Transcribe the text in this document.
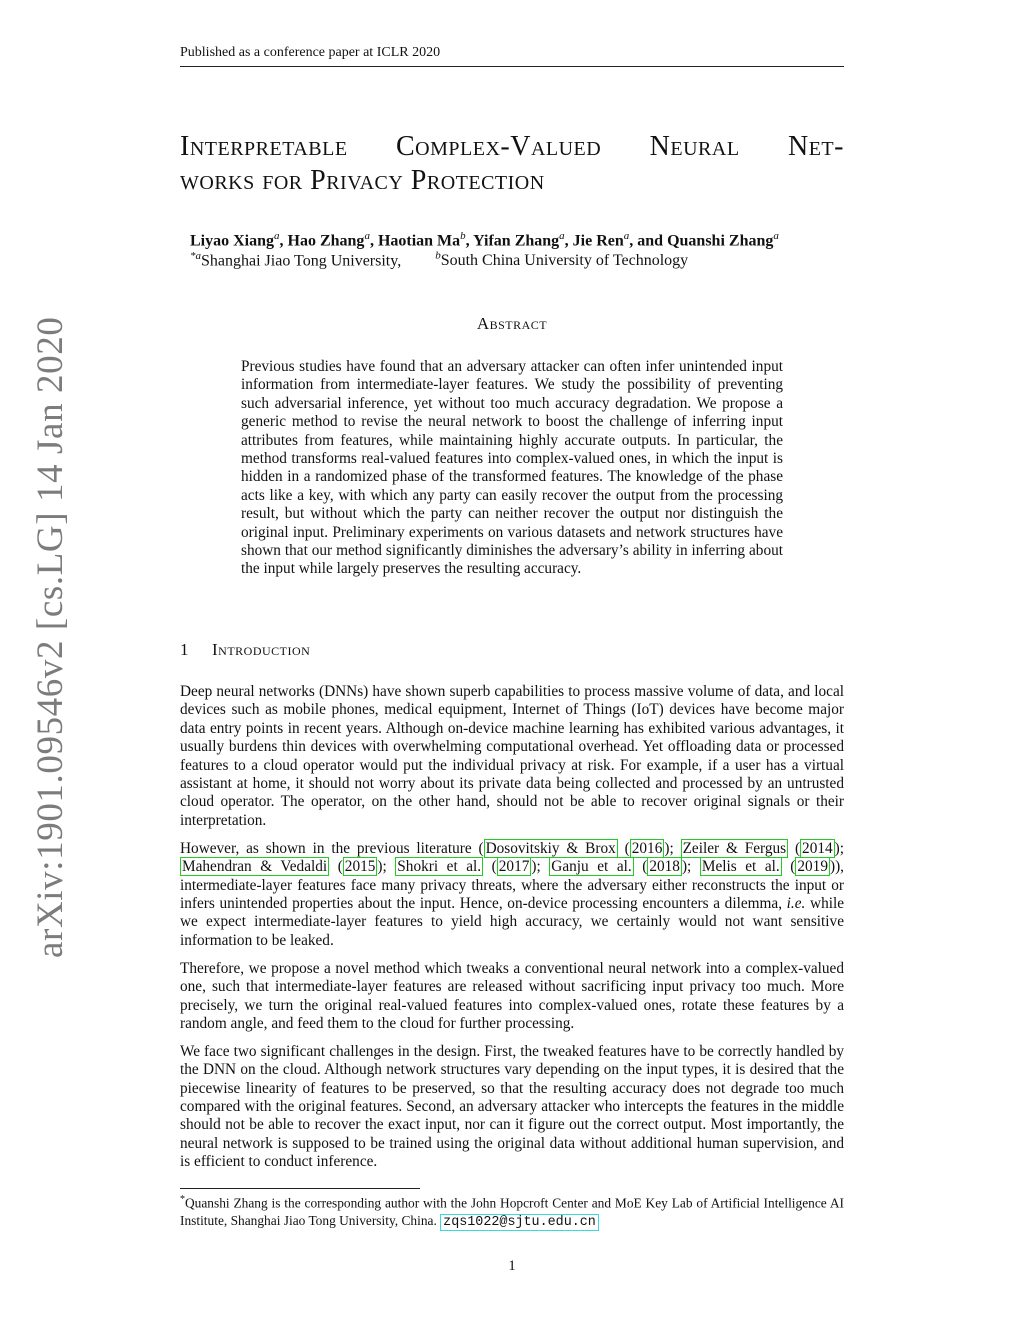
Published as a conference paper at ICLR 2020
arXiv:1901.09546v2 [cs.LG] 14 Jan 2020
Interpretable Complex-Valued Neural Net-
works for Privacy Protection
Liyao Xiang$^a$, Hao Zhang$^a$, Haotian Ma$^b$, Yifan Zhang$^a$, Jie Ren$^a$, and Quanshi Zhang$^a$
$^{*a}$Shanghai Jiao Tong University,	$^b$South China University of Technology
Abstract
Previous studies have found that an adversary attacker can often infer unintended input information from intermediate-layer features. We study the possibility of preventing such adversarial inference, yet without too much accuracy degradation. We propose a generic method to revise the neural network to boost the challenge of inferring input attributes from features, while maintaining highly accurate outputs. In particular, the method transforms real-valued features into complex-valued ones, in which the input is hidden in a randomized phase of the transformed features. The knowledge of the phase acts like a key, with which any party can easily recover the output from the processing result, but without which the party can neither recover the output nor distinguish the original input. Preliminary experiments on various datasets and network structures have shown that our method significantly diminishes the adversary’s ability in inferring about the input while largely preserves the resulting accuracy.
1 Introduction

Deep neural networks (DNNs) have shown superb capabilities to process massive volume of data, and local devices such as mobile phones, medical equipment, Internet of Things (IoT) devices have become major data entry points in recent years. Although on-device machine learning has exhibited various advantages, it usually burdens thin devices with overwhelming computational overhead. Yet offloading data or processed features to a cloud operator would put the individual privacy at risk. For example, if a user has a virtual assistant at home, it should not worry about its private data being collected and processed by an untrusted cloud operator. The operator, on the other hand, should not be able to recover original signals or their interpretation.

However, as shown in the previous literature ( Dosovitskiy & Brox ( 2016 ); Zeiler & Fergus ( 2014 ); Mahendran & Vedaldi ( 2015 ); Shokri et al. ( 2017 ); Ganju et al. ( 2018 ); Melis et al. ( 2019 )), intermediate-layer features face many privacy threats, where the adversary either reconstructs the input or infers unintended properties about the input. Hence, on-device processing encounters a dilemma, i.e. while we expect intermediate-layer features to yield high accuracy, we certainly would not want sensitive information to be leaked.

Therefore, we propose a novel method which tweaks a conventional neural network into a complex-valued one, such that intermediate-layer features are released without sacrificing input privacy too much. More precisely, we turn the original real-valued features into complex-valued ones, rotate these features by a random angle, and feed them to the cloud for further processing.

We face two significant challenges in the design. First, the tweaked features have to be correctly handled by the DNN on the cloud. Although network structures vary depending on the input types, it is desired that the piecewise linearity of features to be preserved, so that the resulting accuracy does not degrade too much compared with the original features. Second, an adversary attacker who intercepts the features in the middle should not be able to recover the exact input, nor can it figure out the correct output. Most importantly, the neural network is supposed to be trained using the original data without additional human supervision, and is efficient to conduct inference.

*Quanshi Zhang is the corresponding author with the John Hopcroft Center and MoE Key Lab of Artificial Intelligence AI Institute, Shanghai Jiao Tong University, China. zqs1022@sjtu.edu.cn
1
